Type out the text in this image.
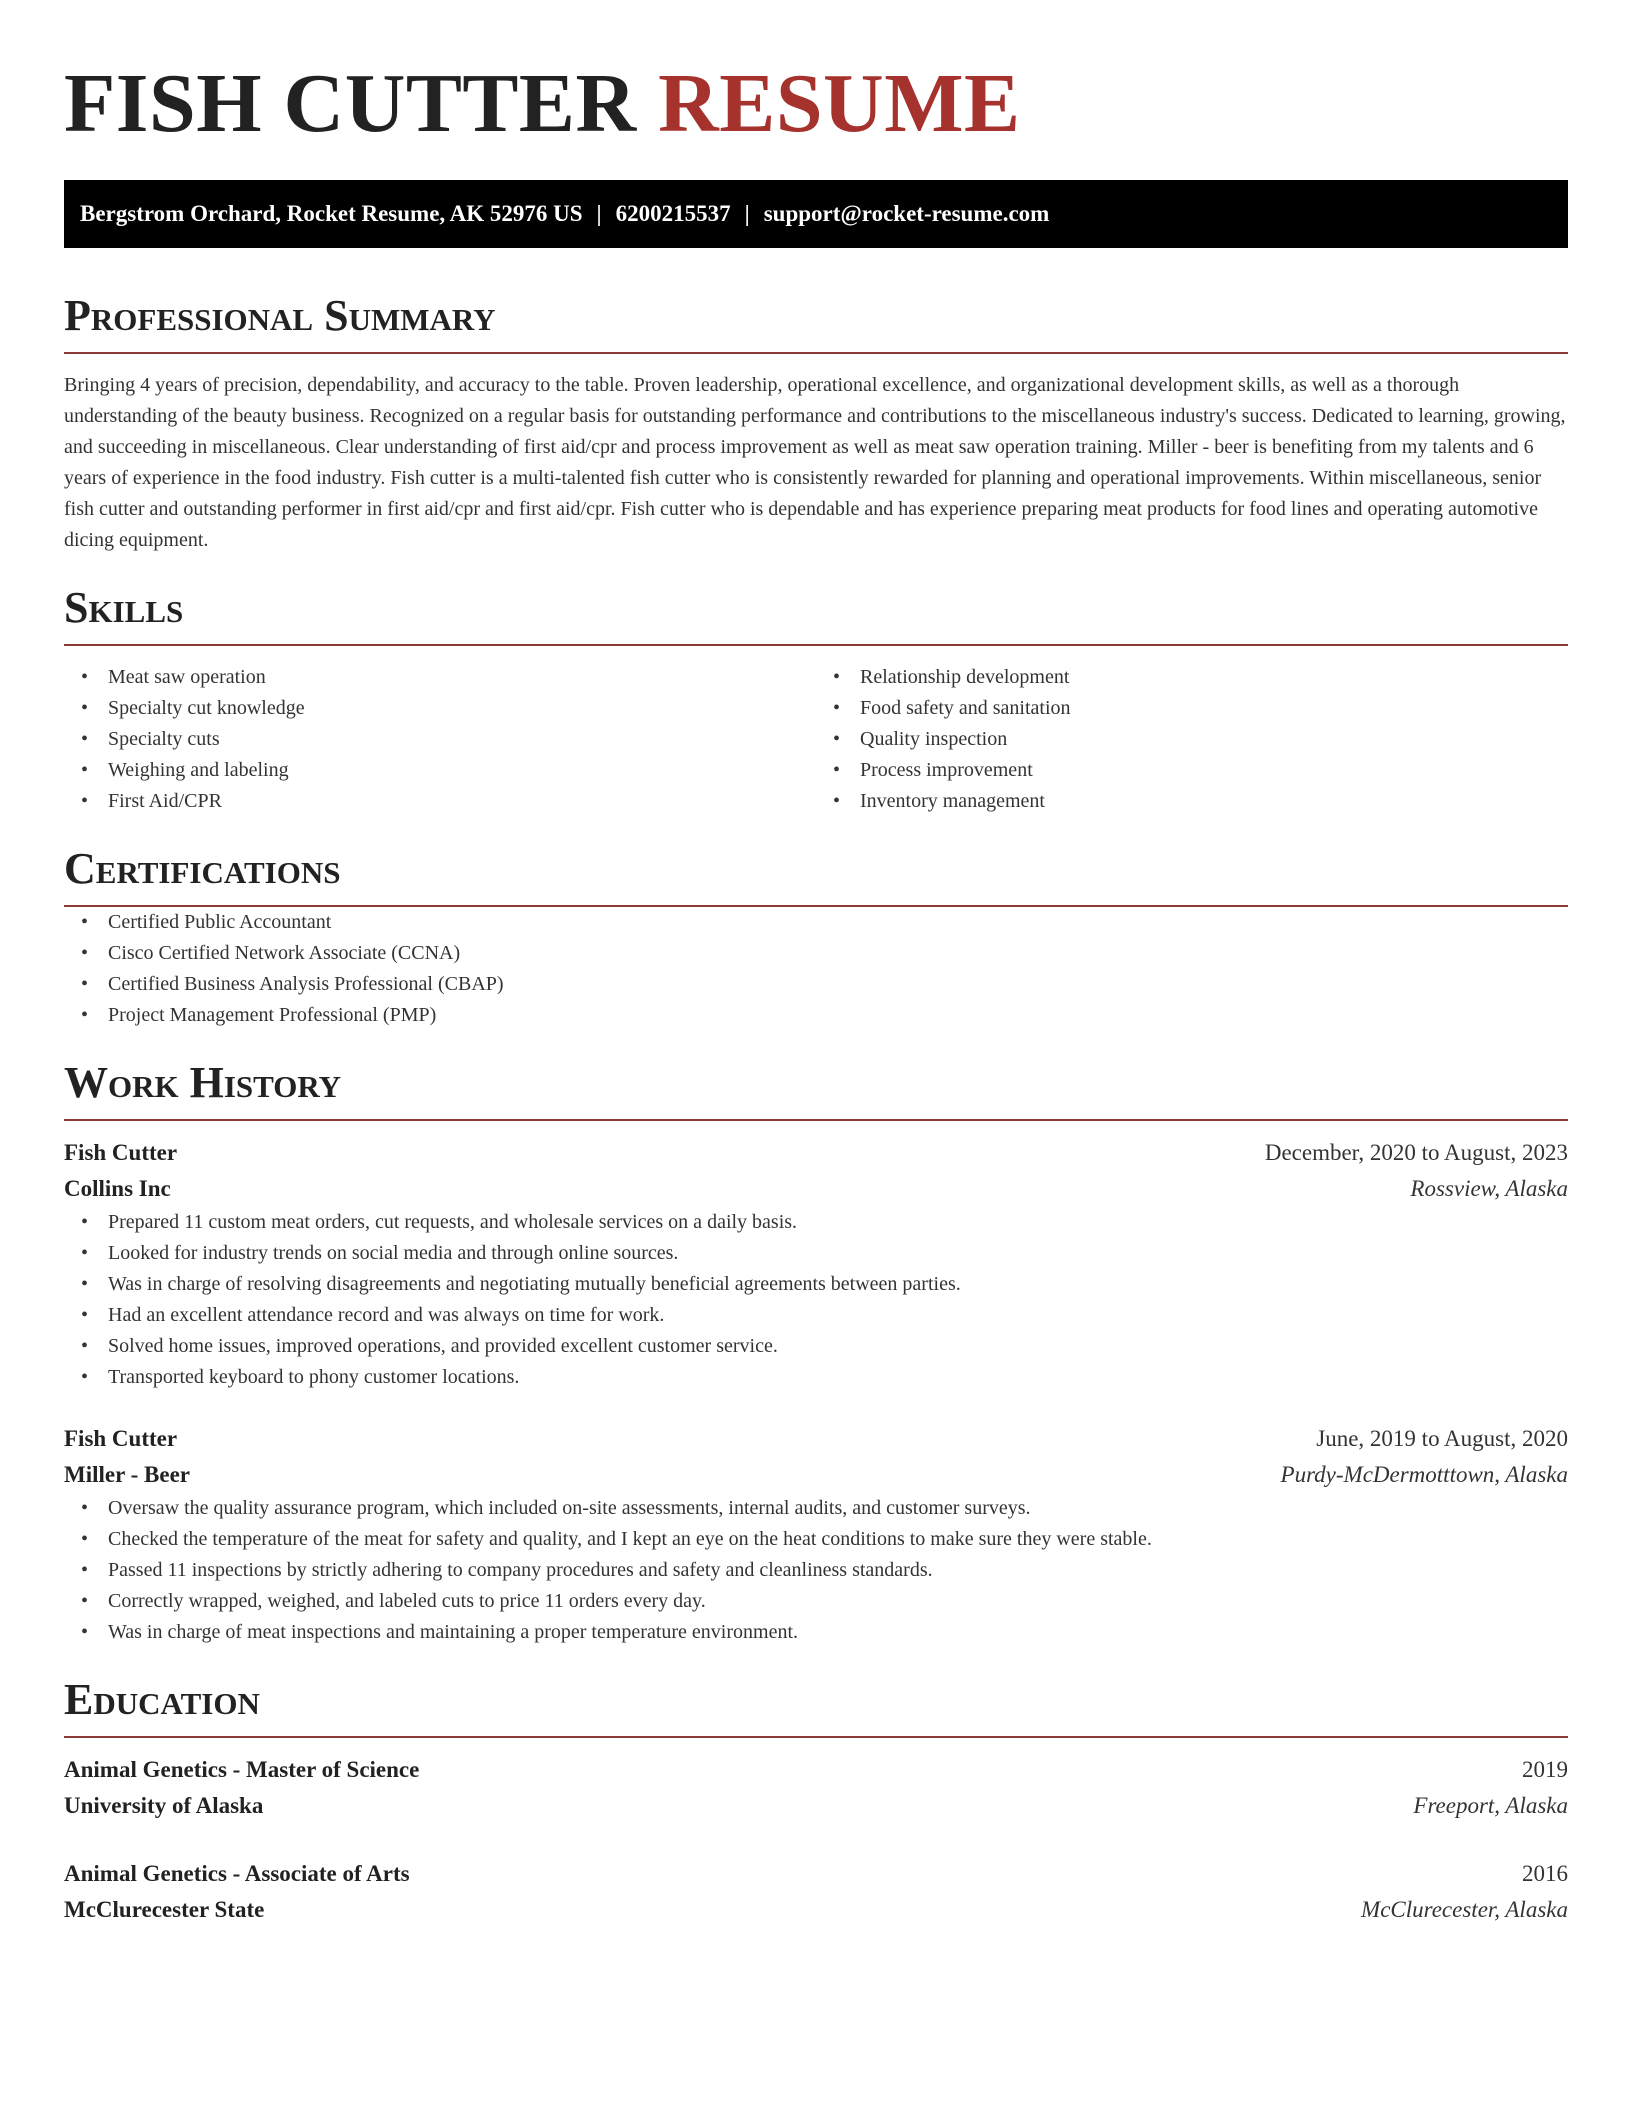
FISH CUTTER RESUME
Bergstrom Orchard, Rocket Resume, AK 52976 US | 6200215537 | support@rocket-resume.com
Professional Summary

Bringing 4 years of precision, dependability, and accuracy to the table. Proven leadership, operational excellence, and organizational development skills, as well as a thorough understanding of the beauty business. Recognized on a regular basis for outstanding performance and contributions to the miscellaneous industry's success. Dedicated to learning, growing, and succeeding in miscellaneous. Clear understanding of first aid/cpr and process improvement as well as meat saw operation training. Miller - beer is benefiting from my talents and 6 years of experience in the food industry. Fish cutter is a multi-talented fish cutter who is consistently rewarded for planning and operational improvements. Within miscellaneous, senior fish cutter and outstanding performer in first aid/cpr and first aid/cpr. Fish cutter who is dependable and has experience preparing meat products for food lines and operating automotive dicing equipment.

Skills
• Meat saw operation
• Specialty cut knowledge
• Specialty cuts
• Weighing and labeling
• First Aid/CPR
• Relationship development
• Food safety and sanitation
• Quality inspection
• Process improvement
• Inventory management
Certifications
• Certified Public Accountant
• Cisco Certified Network Associate (CCNA)
• Certified Business Analysis Professional (CBAP)
• Project Management Professional (PMP)
Work History
Fish Cutter	December, 2020 to August, 2023
Collins Inc	Rossview, Alaska
• Prepared 11 custom meat orders, cut requests, and wholesale services on a daily basis.
• Looked for industry trends on social media and through online sources.
• Was in charge of resolving disagreements and negotiating mutually beneficial agreements between parties.
• Had an excellent attendance record and was always on time for work.
• Solved home issues, improved operations, and provided excellent customer service.
• Transported keyboard to phony customer locations.
Fish Cutter	June, 2019 to August, 2020
Miller - Beer	Purdy-McDermotttown, Alaska
• Oversaw the quality assurance program, which included on-site assessments, internal audits, and customer surveys.
• Checked the temperature of the meat for safety and quality, and I kept an eye on the heat conditions to make sure they were stable.
• Passed 11 inspections by strictly adhering to company procedures and safety and cleanliness standards.
• Correctly wrapped, weighed, and labeled cuts to price 11 orders every day.
• Was in charge of meat inspections and maintaining a proper temperature environment.
Education
Animal Genetics - Master of Science	2019
University of Alaska	Freeport, Alaska
Animal Genetics - Associate of Arts	2016
McClurecester State	McClurecester, Alaska
